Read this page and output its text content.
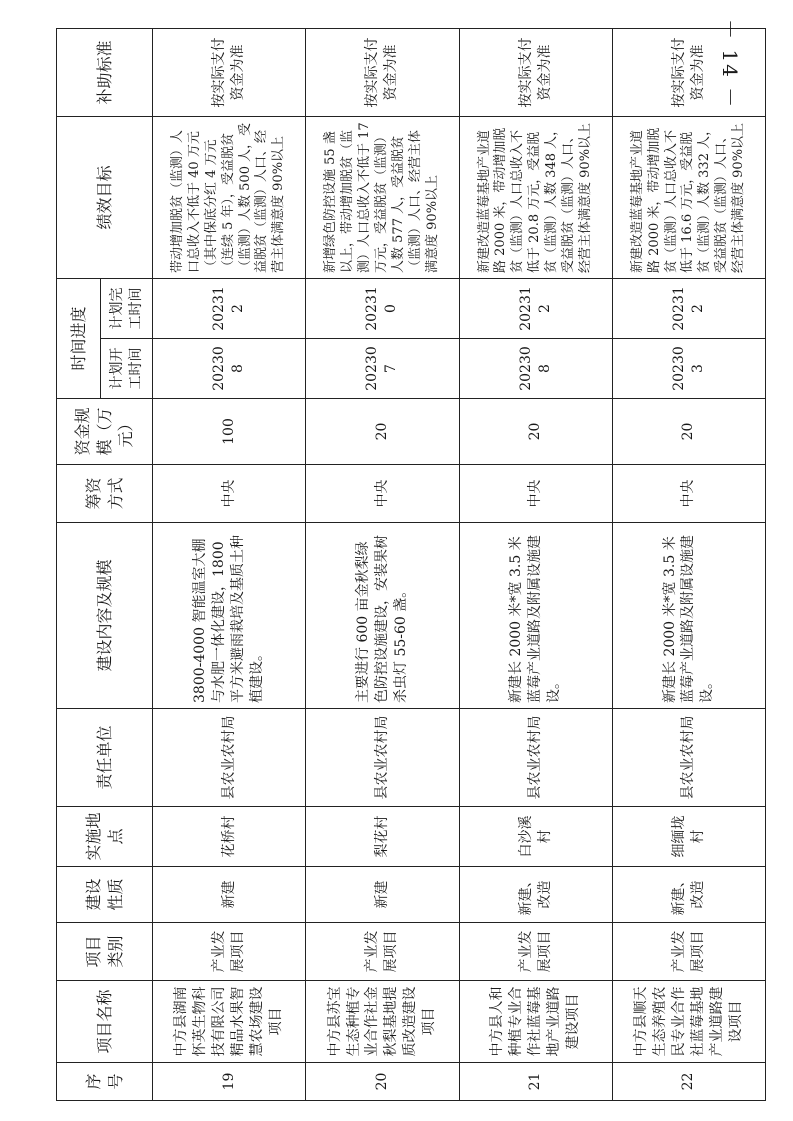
序号	项目名称	项目类别	建设性质	实施地点	责任单位	建设内容及规模	筹资方式	资金规模（万元）	时间进度		绩效目标	补助标准
									计划开工时间	计划完工时间		
19	中方县湖南怀英生物科技有限公司精品水果智慧农场建设项目	产业发展项目	新建	花桥村	县农业农村局	3800-4000 智能温室大棚与水肥一体化建设，1800 平方米避雨栽培及基质土种植建设。	中央	100	202308	202312	带动增加脱贫（监测）人口总收入不低于 40 万元（其中保底分红 4 万元（连续 5 年），受益脱贫（监测）人数 500 人，受益脱贫（监测）人口、经营主体满意度 90%以上	按实际支付资金为准
20	中方县苏宝生态种植专业合作社金秋梨基地提质改造建设项目	产业发展项目	新建	梨花村	县农业农村局	主要进行 600 亩金秋梨绿色防控设施建设，安装果树杀虫灯 55-60 盏。	中央	20	202307	202310	新增绿色防控设施 55 盏以上，带动增加脱贫（监测）人口总收入不低于 17 万元，受益脱贫（监测）人数 577 人，受益脱贫（监测）人口、经营主体满意度 90%以上	按实际支付资金为准
21	中方县人和种植专业合作社蓝莓基地产业道路建设项目	产业发展项目	新建、改造	白沙溪村	县农业农村局	新建长 2000 米*宽 3.5 米蓝莓产业道路及附属设施建设。	中央	20	202308	202312	新建改造蓝莓基地产业道路 2000 米，带动增加脱贫（监测）人口总收入不低于 20.8 万元，受益脱贫（监测）人数 348 人，受益脱贫（监测）人口、经营主体满意度 90%以上	按实际支付资金为准
22	中方县顺天生态养殖农民专业合作社蓝莓基地产业道路建设项目	产业发展项目	新建、改造	细缅垅村	县农业农村局	新建长 2000 米*宽 3.5 米蓝莓产业道路及附属设施建设。	中央	20	202303	202312	新建改造蓝莓基地产业道路 2000 米，带动增加脱贫（监测）人口总收入不低于 16.6 万元，受益脱贫（监测）人数 332 人，受益脱贫（监测）人口、经营主体满意度 90%以上	按实际支付资金为准 － 14 －
